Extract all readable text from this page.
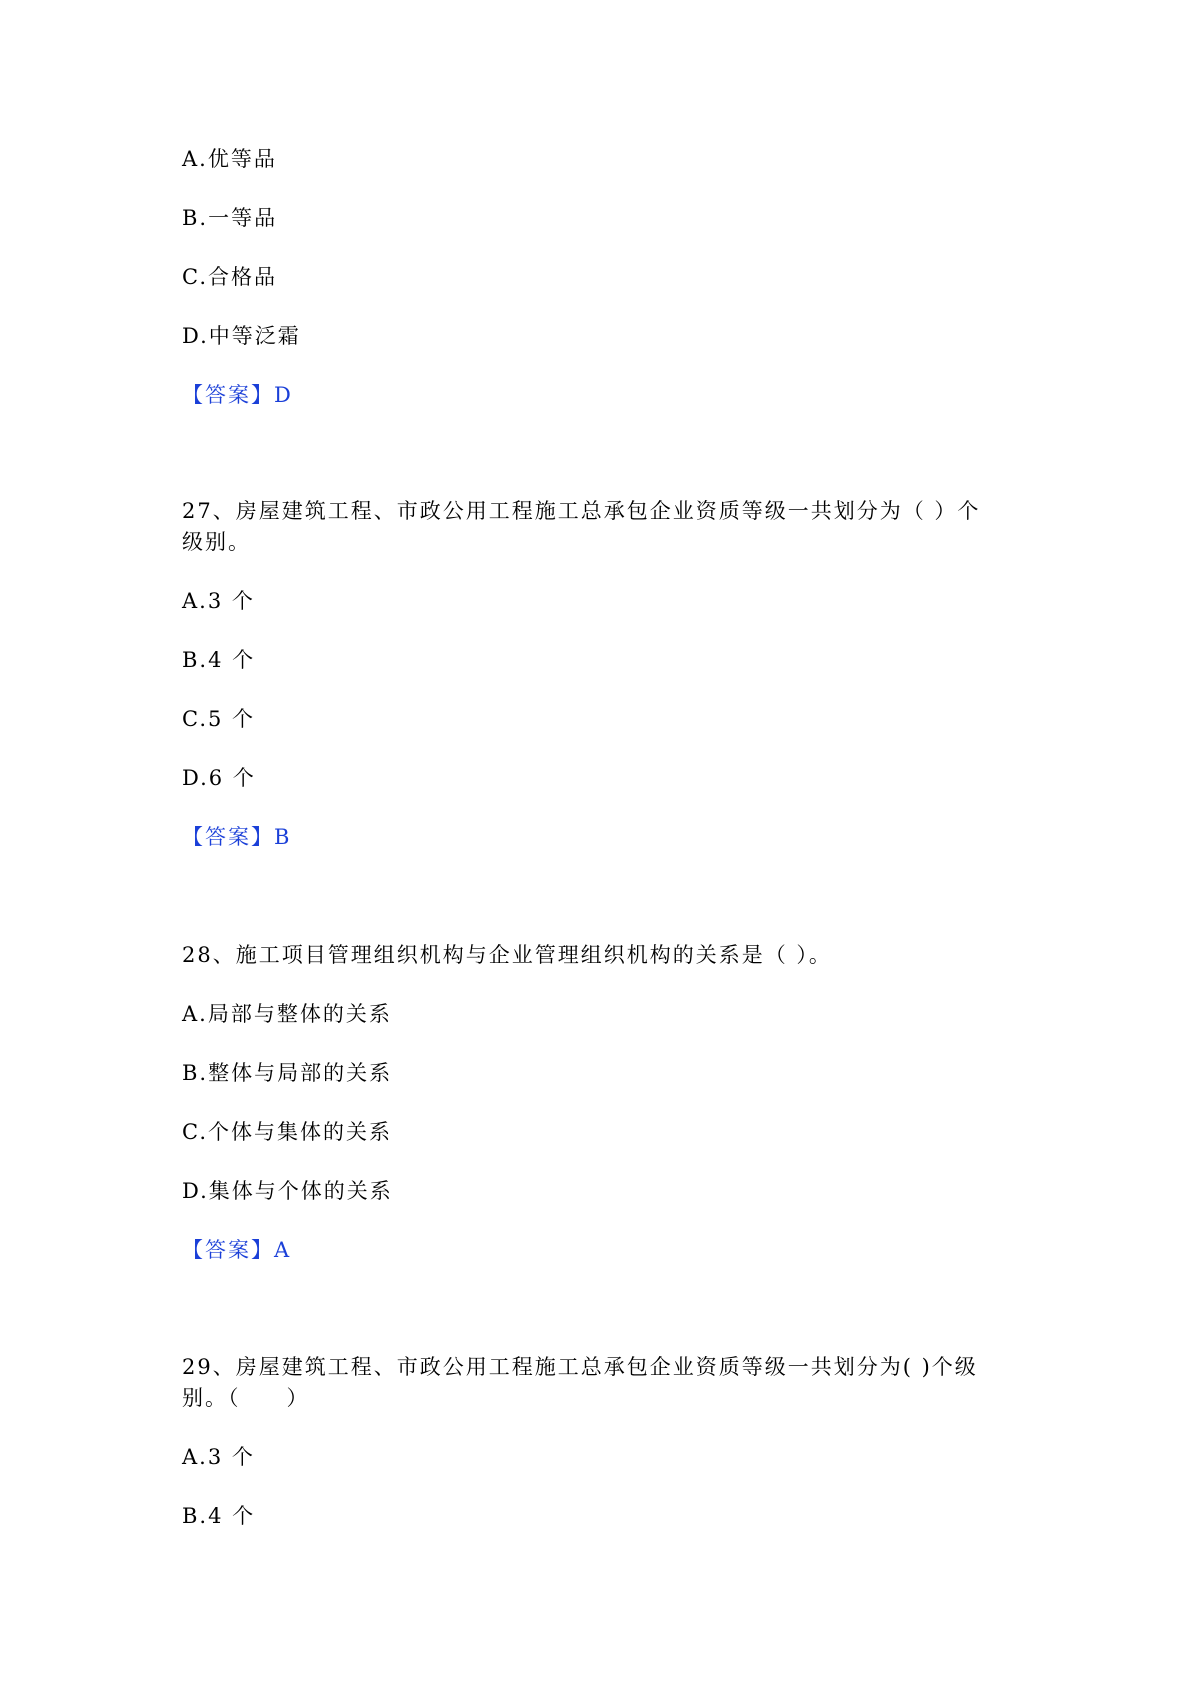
A.优等品
B.一等品
C.合格品
D.中等泛霜
【答案】D
27、房屋建筑工程、市政公用工程施工总承包企业资质等级一共划分为（ ）个
级别。
A.3 个
B.4 个
C.5 个
D.6 个
【答案】B
28、施工项目管理组织机构与企业管理组织机构的关系是（ ）。
A.局部与整体的关系
B.整体与局部的关系
C.个体与集体的关系
D.集体与个体的关系
【答案】A
29、房屋建筑工程、市政公用工程施工总承包企业资质等级一共划分为( )个级
别。（　　）
A.3 个
B.4 个
